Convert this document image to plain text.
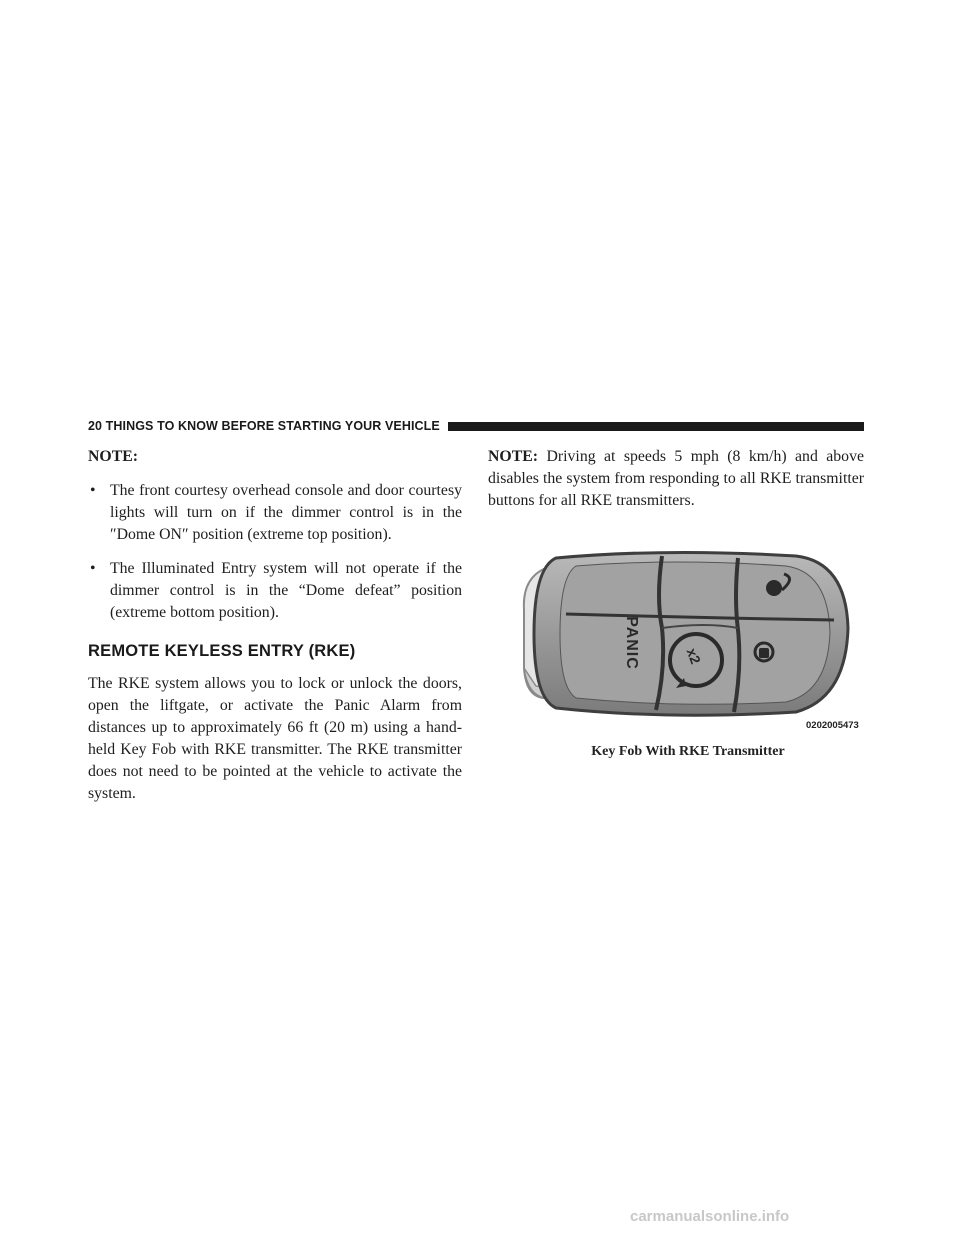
20 THINGS TO KNOW BEFORE STARTING YOUR VEHICLE

NOTE:

• The front courtesy overhead console and door courtesy lights will turn on if the dimmer control is in the ″Dome ON″ position (extreme top position).

• The Illuminated Entry system will not operate if the dimmer control is in the “Dome defeat” position (extreme bottom position).

REMOTE KEYLESS ENTRY (RKE)

The RKE system allows you to lock or unlock the doors, open the liftgate, or activate the Panic Alarm from distances up to approximately 66 ft (20 m) using a hand-held Key Fob with RKE transmitter. The RKE transmitter does not need to be pointed at the vehicle to activate the system.

NOTE: Driving at speeds 5 mph (8 km/h) and above disables the system from responding to all RKE transmitter buttons for all RKE transmitters.

PANIC	x2
0202005473
Key Fob With RKE Transmitter
carmanualsonline.info
